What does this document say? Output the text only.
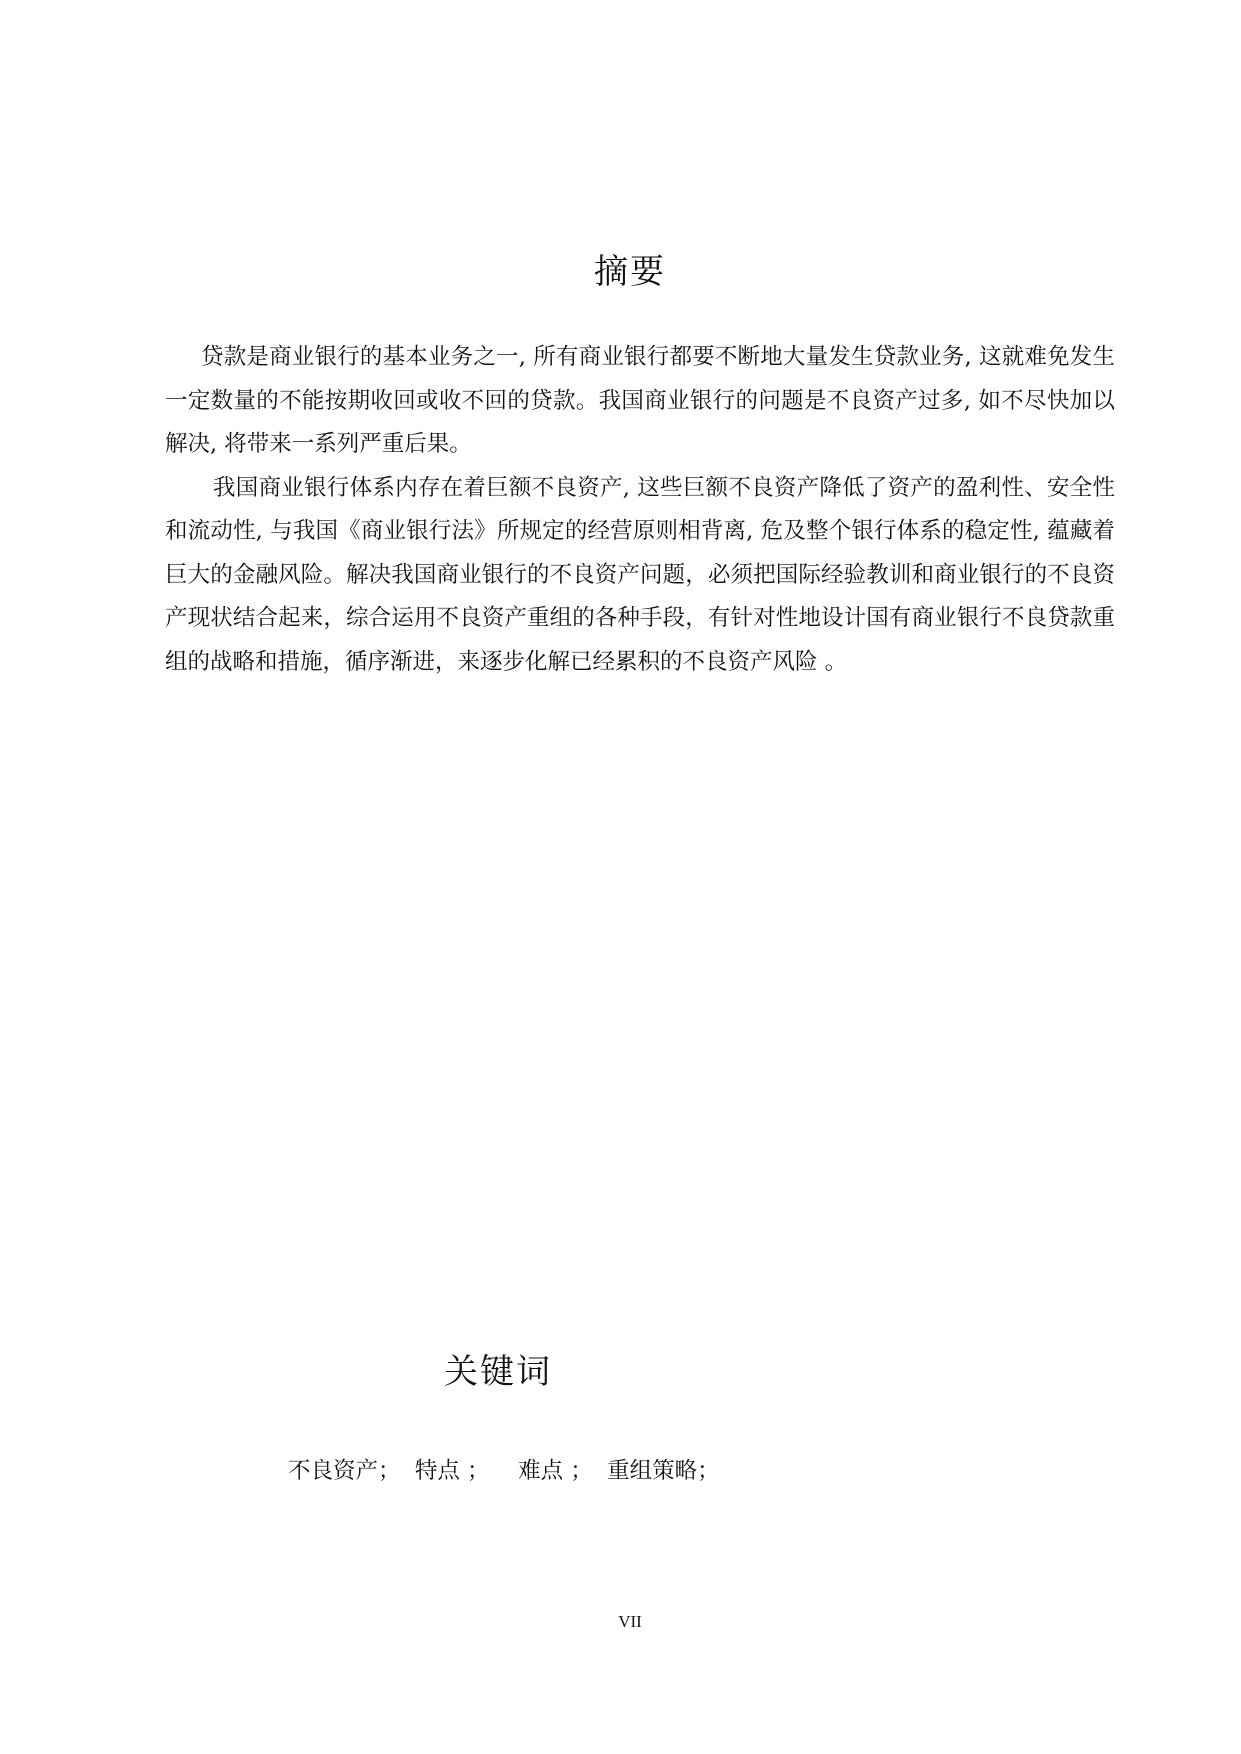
摘要

贷款是商业银行的基本业务之一, 所有商业银行都要不断地大量发生贷款业务, 这就难免发生一定数量的不能按期收回或收不回的贷款。我国商业银行的问题是不良资产过多, 如不尽快加以解决, 将带来一系列严重后果。

我国商业银行体系内存在着巨额不良资产, 这些巨额不良资产降低了资产的盈利性、安全性和流动性, 与我国《商业银行法》所规定的经营原则相背离, 危及整个银行体系的稳定性, 蕴藏着巨大的金融风险。解决我国商业银行的不良资产问题，必须把国际经验教训和商业银行的不良资产现状结合起来，综合运用不良资产重组的各种手段，有针对性地设计国有商业银行不良贷款重组的战略和措施，循序渐进，来逐步化解已经累积的不良资产风险 。

关键词
不良资产；  特点 ；    难点 ；  重组策略；
VII
